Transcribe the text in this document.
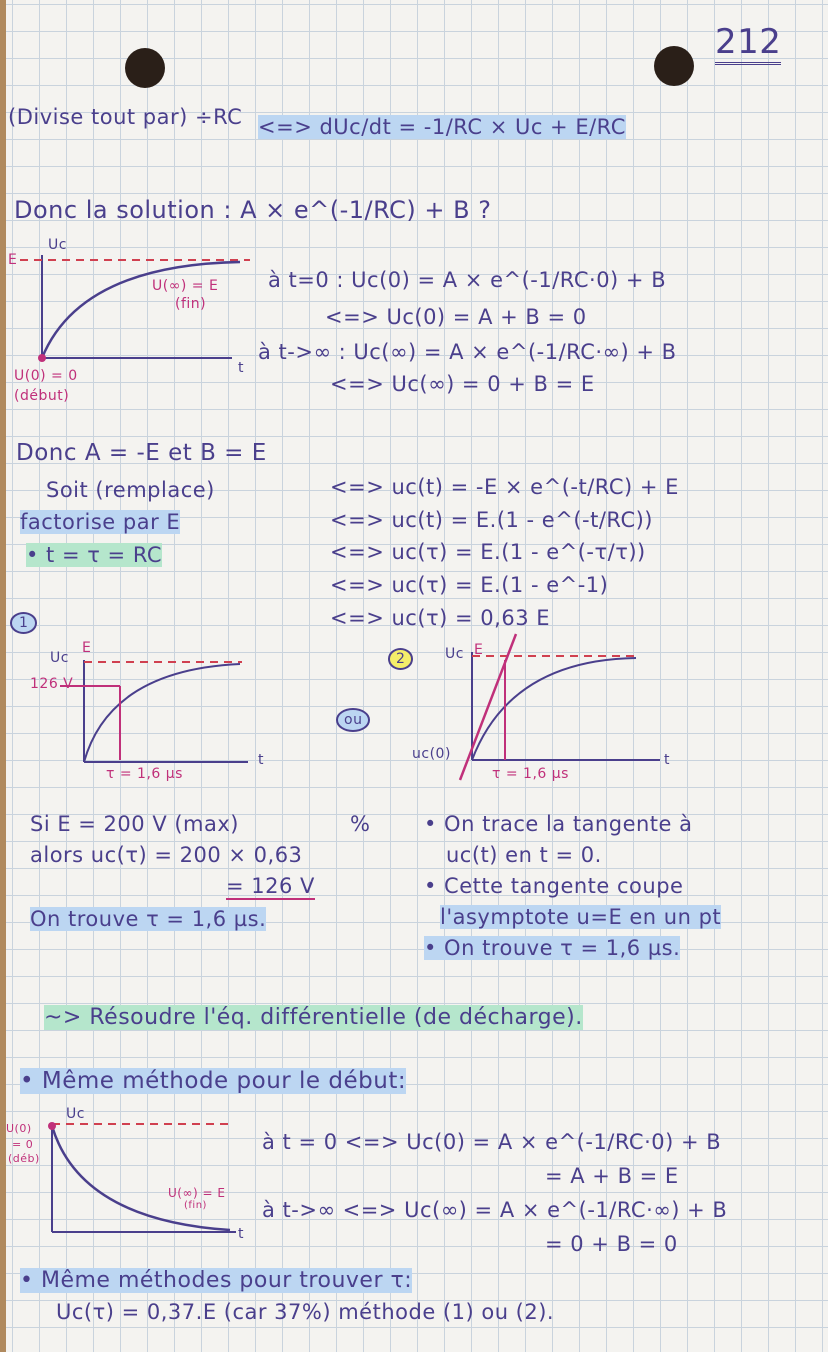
212
(Divise tout par) ÷RC <=> dUc/dt = -1/RC × Uc + E/RC
Donc la solution : A × e^(-1/RC) + B ?
Uc
E
U(∞) = E
(fin)
U(0) = 0
(début)
t
à t=0 : Uc(0) = A × e^(-1/RC·0) + B
<=> Uc(0) = A + B = 0
à t->∞ : Uc(∞) = A × e^(-1/RC·∞) + B
<=> Uc(∞) = 0 + B = E
Donc A = -E et B = E
Soit (remplace)	<=> uc(t) = -E × e^(-t/RC) + E
factorise par E	<=> uc(t) = E.(1 - e^(-t/RC))
• t = τ = RC	<=> uc(τ) = E.(1 - e^(-τ/τ))
<=> uc(τ) = E.(1 - e^-1)
<=> uc(τ) = 0,63 E
1
Uc
E
126 V
τ = 1,6 µs
t
ou
2	Uc E
uc(0)
τ = 1,6 µs
t
Si E = 200 V (max)	%
alors uc(τ) = 200 × 0,63
= 126 V
On trouve τ = 1,6 µs.
• On trace la tangente à
uc(t) en t = 0.
• Cette tangente coupe
l'asymptote u=E en un pt
• On trouve τ = 1,6 µs.
~> Résoudre l'éq. différentielle (de décharge).
• Même méthode pour le début:
Uc
U(0)
= 0
(déb)
U(∞) = E
(fin)
t
à t = 0 <=> Uc(0) = A × e^(-1/RC·0) + B
= A + B = E
à t->∞ <=> Uc(∞) = A × e^(-1/RC·∞) + B
= 0 + B = 0
• Même méthodes pour trouver τ:
Uc(τ) = 0,37.E (car 37%) méthode (1) ou (2).
